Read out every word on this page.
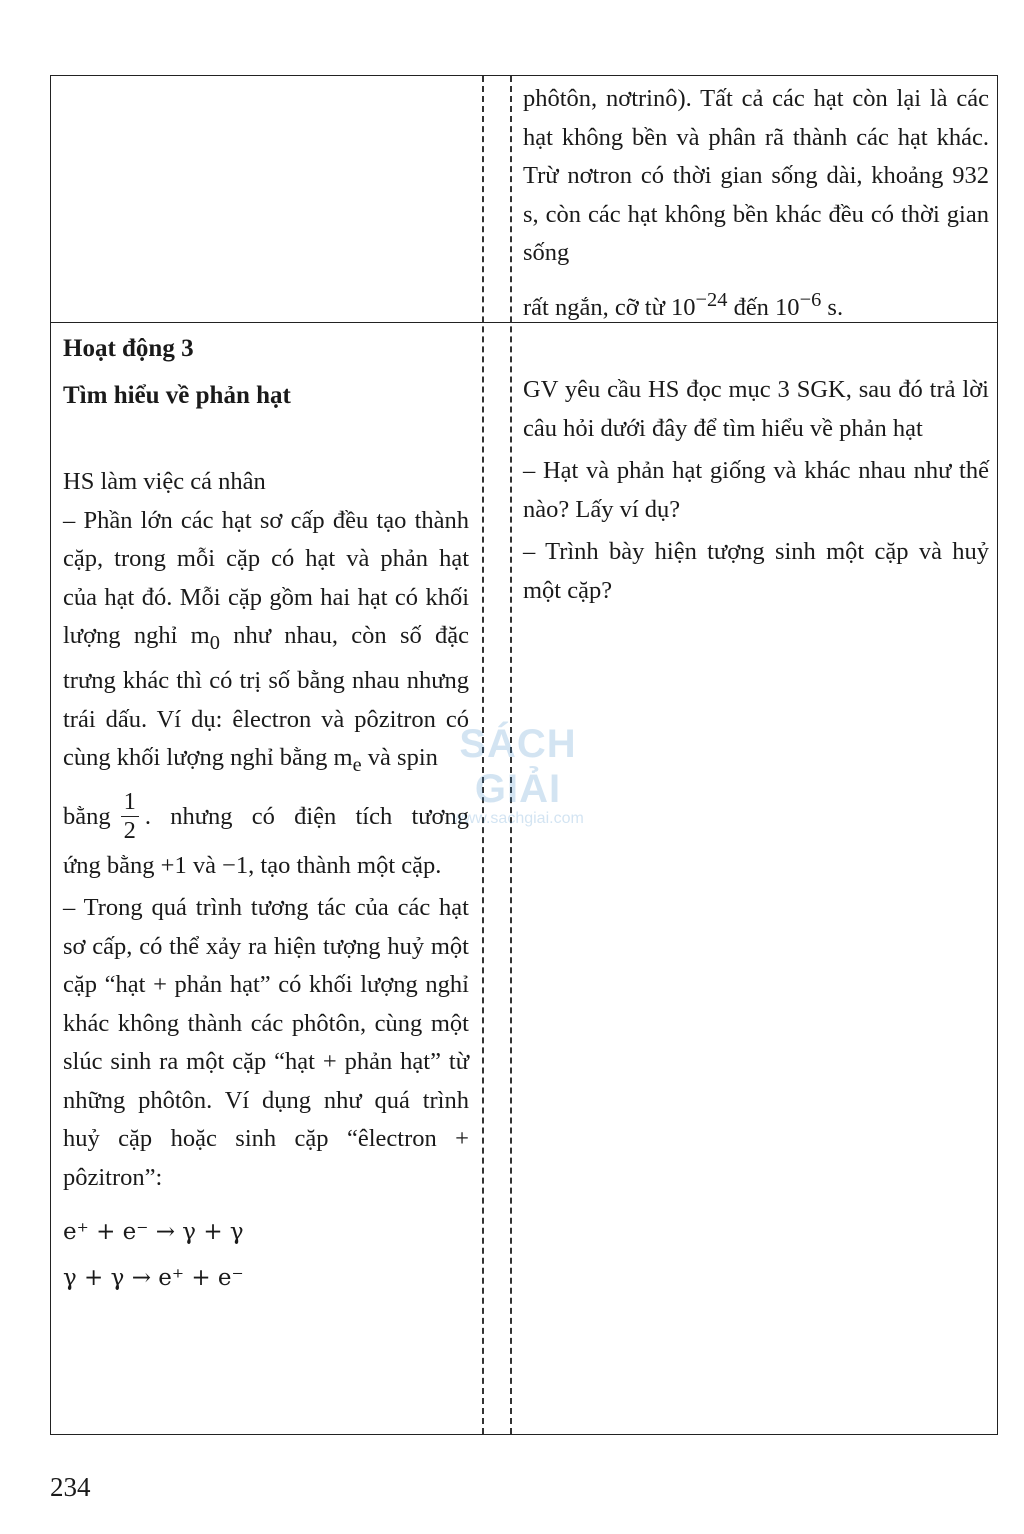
phôtôn, nơtrinô). Tất cả các hạt còn lại là các hạt không bền và phân rã thành các hạt khác. Trừ nơtron có thời gian sống dài, khoảng 932 s, còn các hạt không bền khác đều có thời gian sống

rất ngắn, cỡ từ $10^{-24}$ đến $10^{-6}$ s.

Hoạt động 3

Tìm hiểu về phản hạt

HS làm việc cá nhân

– Phần lớn các hạt sơ cấp đều tạo thành cặp, trong mỗi cặp có hạt và phản hạt của hạt đó. Mỗi cặp gồm hai hạt có khối lượng nghỉ $m_0$ như nhau, còn số đặc trưng khác thì có trị số bằng nhau nhưng trái dấu. Ví dụ: êlectron và pôzitron có cùng khối lượng nghỉ bằng $m_e$ và spin

bằng $\frac{1}{2}$ . nhưng có điện tích tương

ứng bằng +1 và −1, tạo thành một cặp.

– Trong quá trình tương tác của các hạt sơ cấp, có thể xảy ra hiện tượng huỷ một cặp “hạt + phản hạt” có khối lượng nghỉ khác không thành các phôtôn, cùng một slúc sinh ra một cặp “hạt + phản hạt” từ những phôtôn. Ví dụng như quá trình huỷ cặp hoặc sinh cặp “êlectron + pôzitron”:

e⁺ + e⁻ → γ + γ
γ + γ → e⁺ + e⁻

GV yêu cầu HS đọc mục 3 SGK, sau đó trả lời câu hỏi dưới đây để tìm hiểu về phản hạt

– Hạt và phản hạt giống và khác nhau như thế nào? Lấy ví dụ?

– Trình bày hiện tượng sinh một cặp và huỷ một cặp?

SÁCH GIẢI
www.sachgiai.com
234
